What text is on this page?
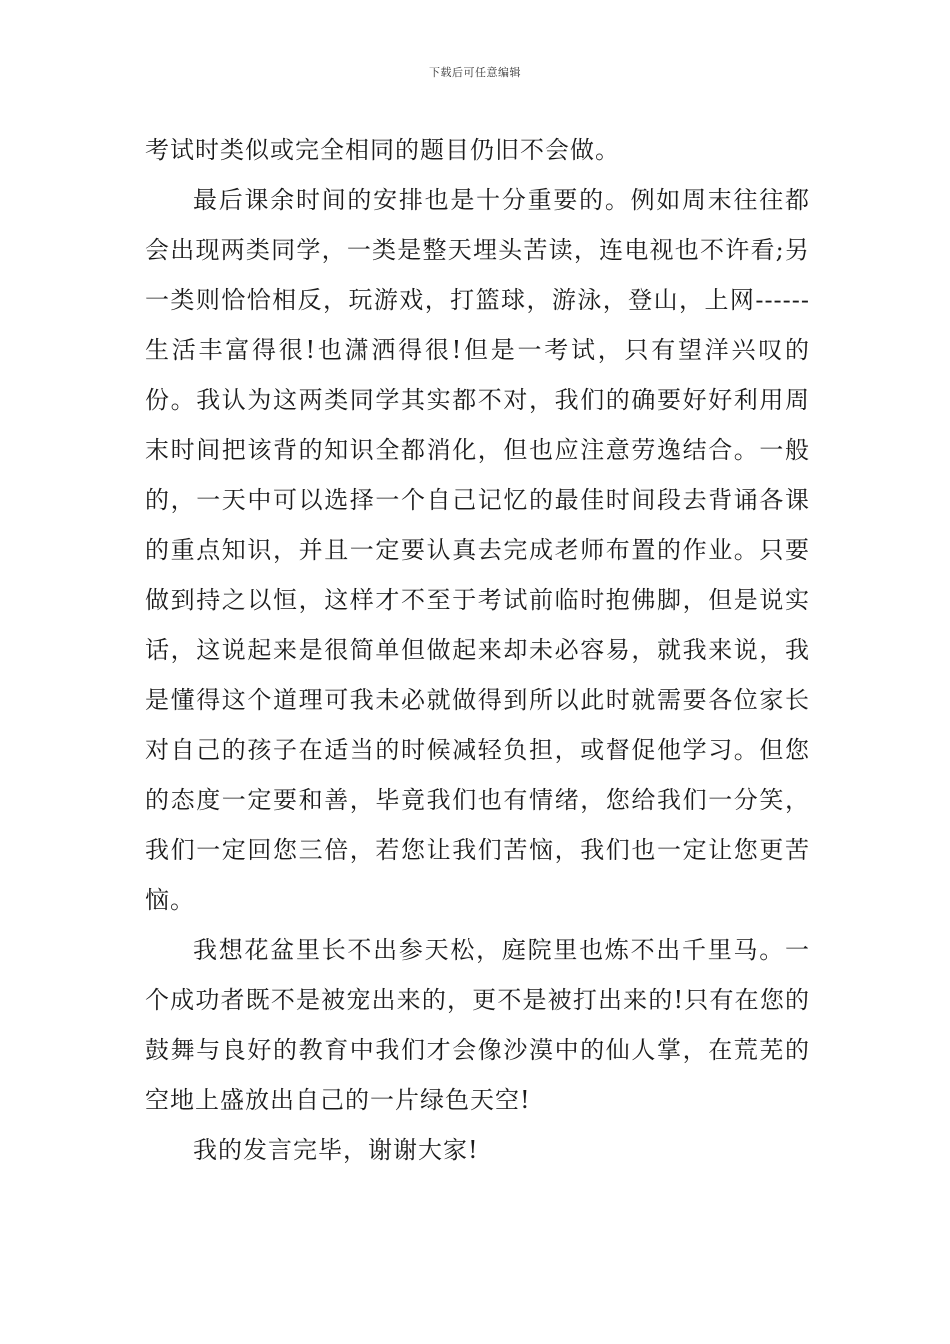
下载后可任意编辑

考试时类似或完全相同的题目仍旧不会做。

最后课余时间的安排也是十分重要的。例如周末往往都会出现两类同学，一类是整天埋头苦读，连电视也不许看;另一类则恰恰相反，玩游戏，打篮球，游泳，登山，上网------生活丰富得很!也潇洒得很!但是一考试，只有望洋兴叹的份。我认为这两类同学其实都不对，我们的确要好好利用周末时间把该背的知识全都消化，但也应注意劳逸结合。一般的，一天中可以选择一个自己记忆的最佳时间段去背诵各课的重点知识，并且一定要认真去完成老师布置的作业。只要做到持之以恒，这样才不至于考试前临时抱佛脚，但是说实话，这说起来是很简单但做起来却未必容易，就我来说，我是懂得这个道理可我未必就做得到所以此时就需要各位家长对自己的孩子在适当的时候减轻负担，或督促他学习。但您的态度一定要和善，毕竟我们也有情绪，您给我们一分笑，我们一定回您三倍，若您让我们苦恼，我们也一定让您更苦恼。

我想花盆里长不出参天松，庭院里也炼不出千里马。一个成功者既不是被宠出来的，更不是被打出来的!只有在您的鼓舞与良好的教育中我们才会像沙漠中的仙人掌，在荒芜的空地上盛放出自己的一片绿色天空!

我的发言完毕，谢谢大家!
